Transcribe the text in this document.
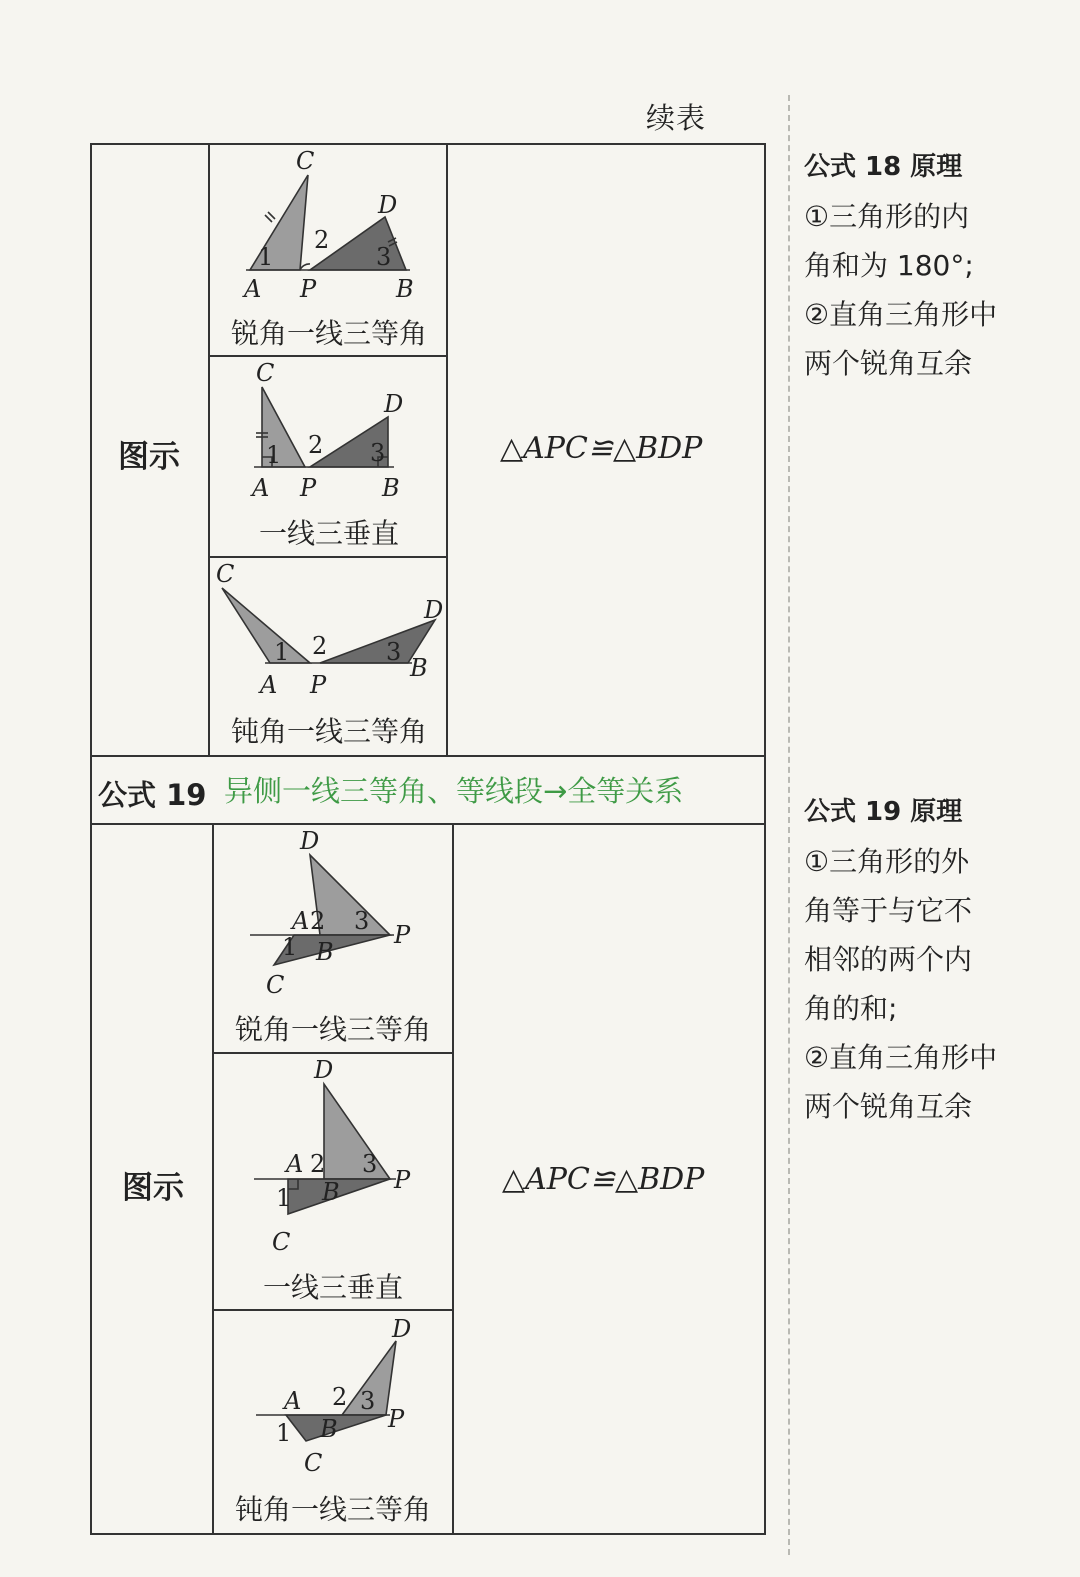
续表
图示	△APC≌△BDP
C
D
A P	B
1
2
3
锐角一线三等角
C
D
A P	B
1 2 3
一线三垂直
C
D
A P
B
1 2 3
钝角一线三等角
公式 19 异侧一线三等角、等线段→全等关系
图示	△APC≌△BDP
D
A
B
P
C
1
2 3
锐角一线三等角
D
A
B P
C
1
2 3
一线三垂直
D
A
B P
C
1
2 3
钝角一线三等角

公式 18 原理

①三角形的内

角和为 180°;

②直角三角形中

两个锐角互余

公式 19 原理

①三角形的外

角等于与它不

相邻的两个内

角的和;

②直角三角形中

两个锐角互余
